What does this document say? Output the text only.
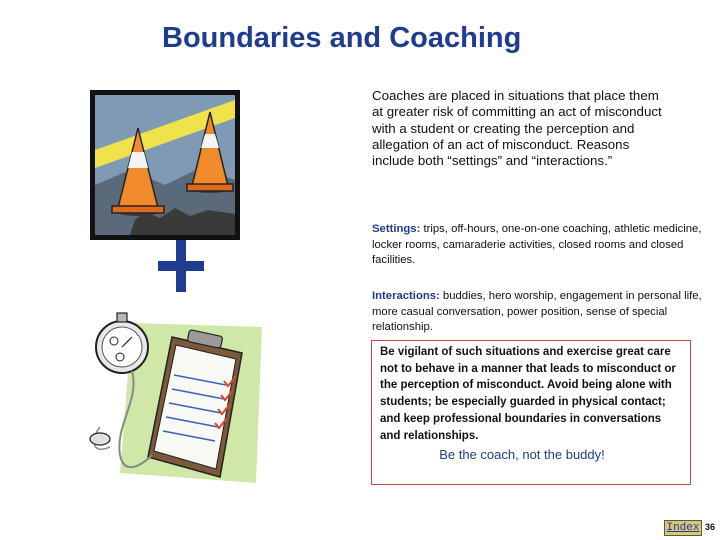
Boundaries and Coaching
Coaches are placed in situations that place them at greater risk of committing an act of misconduct with a student or creating the perception and allegation of an act of misconduct. Reasons include both “settings” and “interactions.”
Settings: trips, off-hours, one-on-one coaching, athletic medicine, locker rooms, camaraderie activities, closed rooms and closed facilities.
Interactions: buddies, hero worship, engagement in personal life, more casual conversation, power position, sense of special relationship.
Be vigilant of such situations and exercise great care not to behave in a manner that leads to misconduct or the perception of misconduct. Avoid being alone with students; be especially guarded in physical contact; and keep professional boundaries in conversations and relationships.
Be the coach, not the buddy!
Index 36
